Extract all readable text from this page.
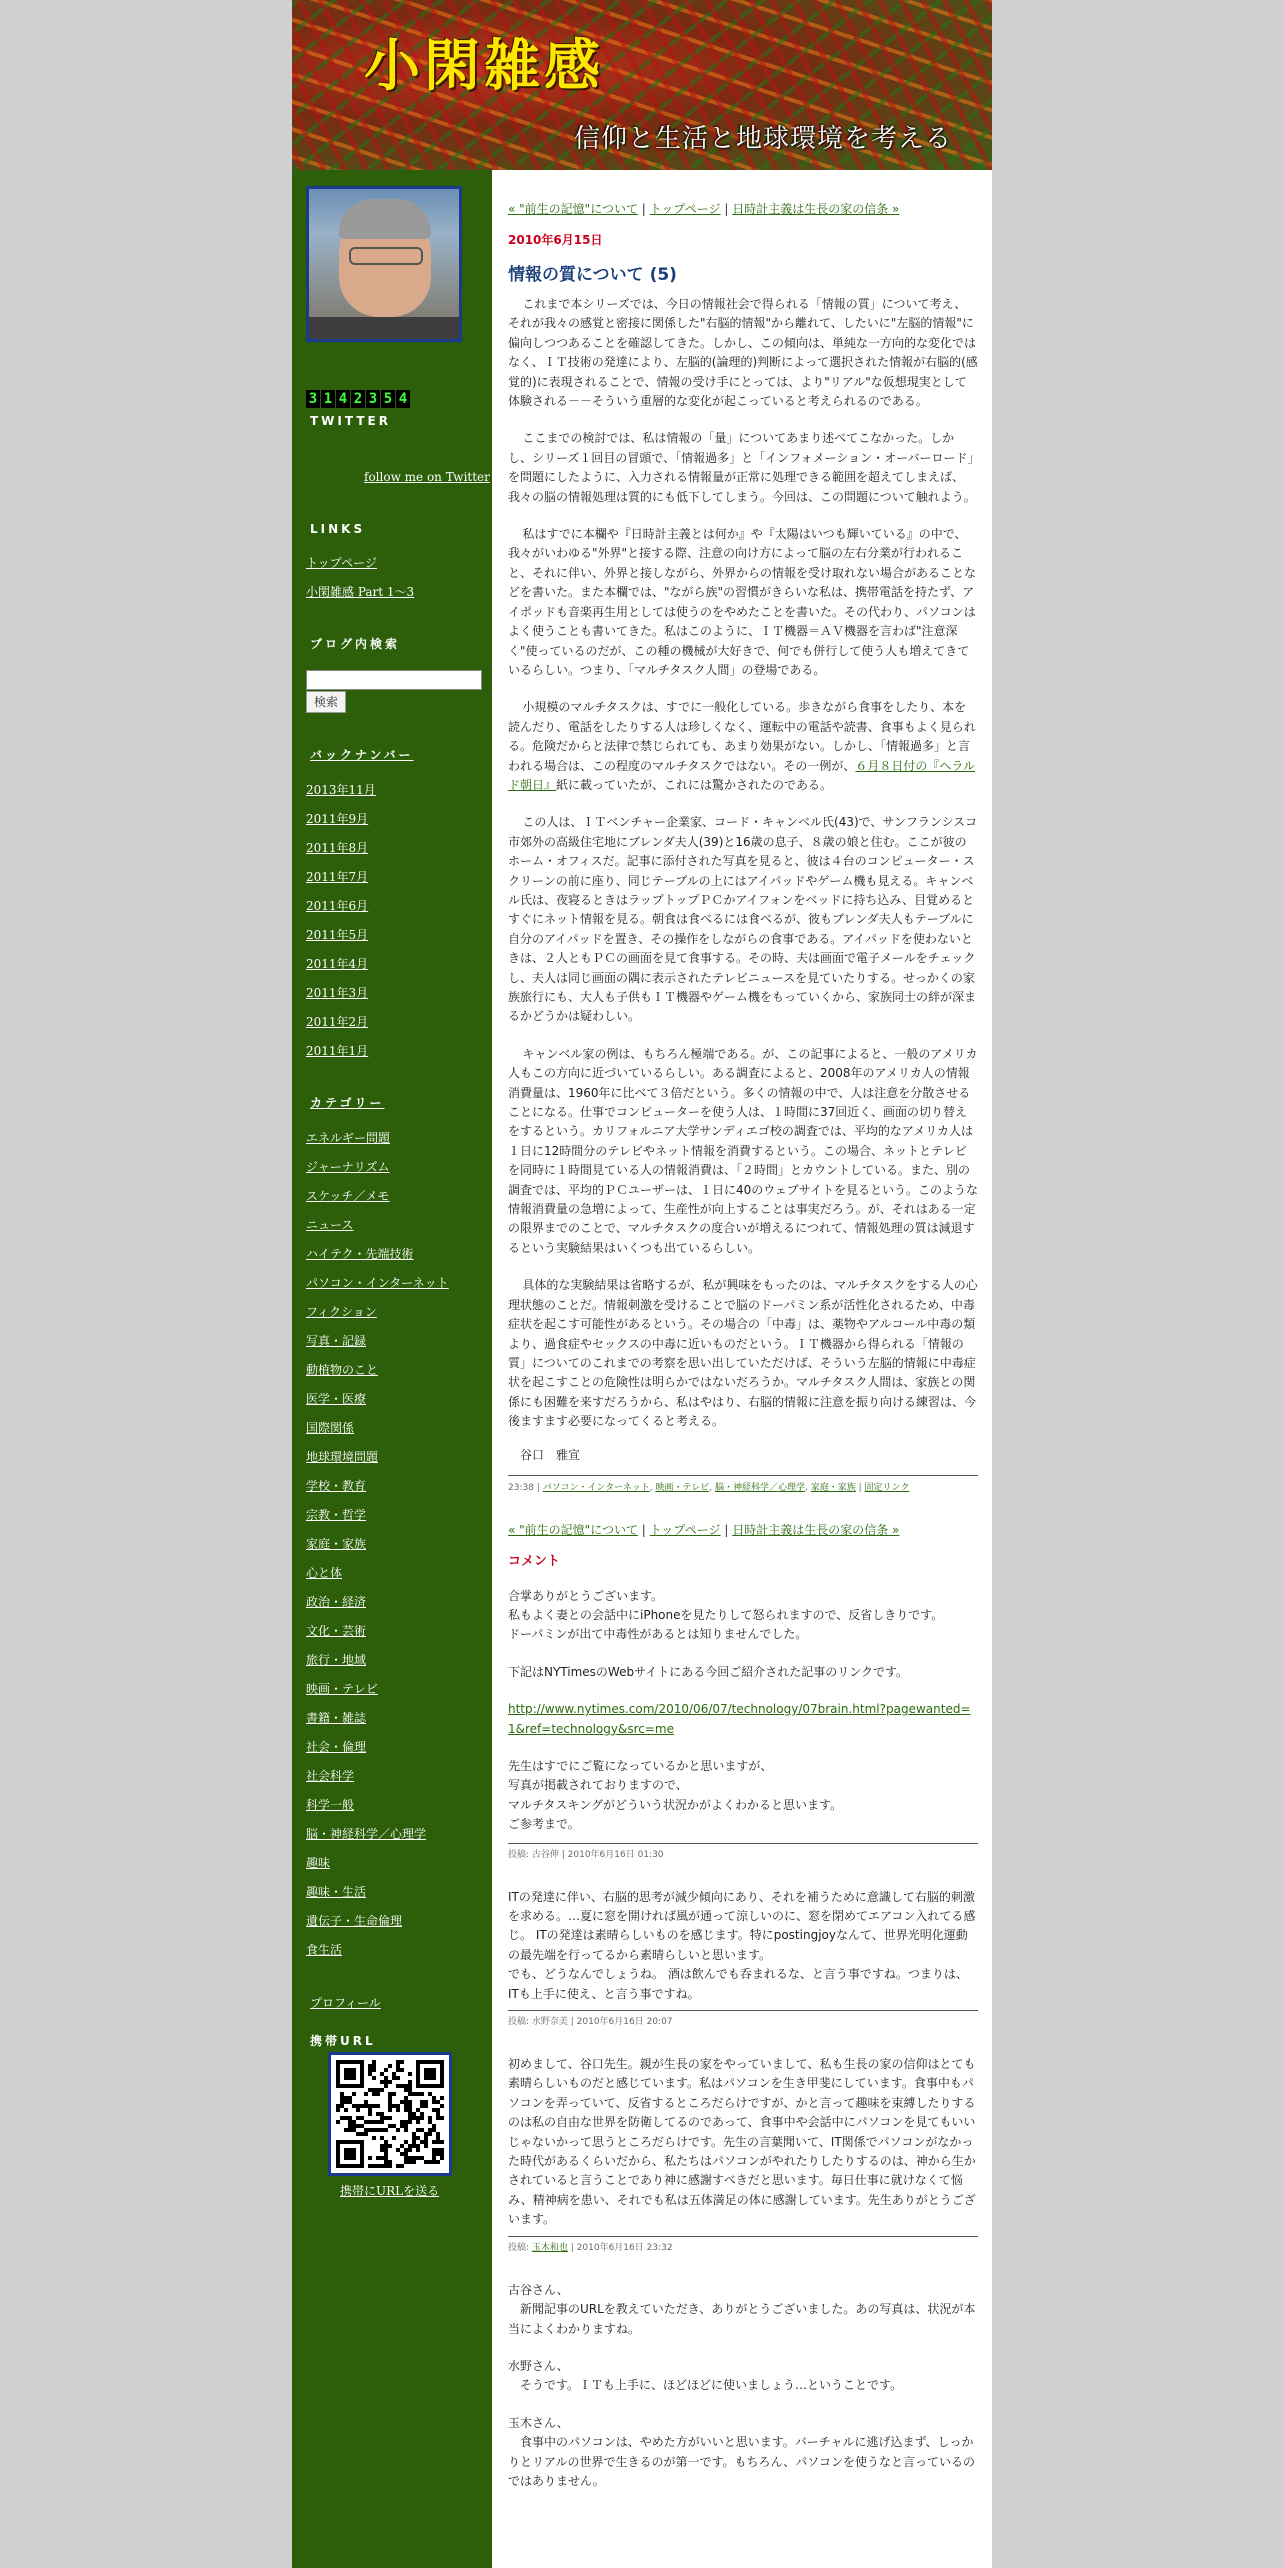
小閑雑感
信仰と生活と地球環境を考える
3 1 4 2 3 5 4
TWITTER
follow me on Twitter
LINKS
トップページ
小閑雑感 Part 1～3
ブログ内検索
検索
バックナンバー
2013年11月
2011年9月
2011年8月
2011年7月
2011年6月
2011年5月
2011年4月
2011年3月
2011年2月
2011年1月
カテゴリー
エネルギー問題
ジャーナリズム
スケッチ／メモ
ニュース
ハイテク・先端技術
パソコン・インターネット
フィクション
写真・記録
動植物のこと
医学・医療
国際関係
地球環境問題
学校・教育
宗教・哲学
家庭・家族
心と体
政治・経済
文化・芸術
旅行・地域
映画・テレビ
書籍・雑誌
社会・倫理
社会科学
科学一般
脳・神経科学／心理学
趣味
趣味・生活
遺伝子・生命倫理
食生活
プロフィール
携帯URL
携帯にURLを送る
« "前生の記憶"について | トップページ | 日時計主義は生長の家の信条 »
2010年6月15日
情報の質について (5)

これまで本シリーズでは、今日の情報社会で得られる「情報の質」について考え、それが我々の感覚と密接に関係した"右脳的情報"から離れて、したいに"左脳的情報"に偏向しつつあることを確認してきた。しかし、この傾向は、単純な一方向的な変化ではなく、ＩＴ技術の発達により、左脳的(論理的)判断によって選択された情報が右脳的(感覚的)に表現されることで、情報の受け手にとっては、より"リアル"な仮想現実として体験される－－そういう重層的な変化が起こっていると考えられるのである。

ここまでの検討では、私は情報の「量」についてあまり述べてこなかった。しかし、シリーズ１回目の冒頭で、「情報過多」と「インフォメーション・オーバーロード」を問題にしたように、入力される情報量が正常に処理できる範囲を超えてしまえば、我々の脳の情報処理は質的にも低下してしまう。今回は、この問題について触れよう。

私はすでに本欄や『日時計主義とは何か』や『太陽はいつも輝いている』の中で、我々がいわゆる"外界"と接する際、注意の向け方によって脳の左右分業が行われること、それに伴い、外界と接しながら、外界からの情報を受け取れない場合があることなどを書いた。また本欄では、"ながら族"の習慣がきらいな私は、携帯電話を持たず、アイポッドも音楽再生用としては使うのをやめたことを書いた。その代わり、パソコンはよく使うことも書いてきた。私はこのように、ＩＴ機器＝ＡＶ機器を言わば"注意深く"使っているのだが、この種の機械が大好きで、何でも併行して使う人も増えてきているらしい。つまり、「マルチタスク人間」の登場である。

小規模のマルチタスクは、すでに一般化している。歩きながら食事をしたり、本を読んだり、電話をしたりする人は珍しくなく、運転中の電話や読書、食事もよく見られる。危険だからと法律で禁じられても、あまり効果がない。しかし、「情報過多」と言われる場合は、この程度のマルチタスクではない。その一例が、６月８日付の『ヘラルド朝日』紙に載っていたが、これには驚かされたのである。

この人は、ＩＴベンチャー企業家、コード・キャンベル氏(43)で、サンフランシスコ市郊外の高級住宅地にブレンダ夫人(39)と16歳の息子、８歳の娘と住む。ここが彼のホーム・オフィスだ。記事に添付された写真を見ると、彼は４台のコンピューター・スクリーンの前に座り、同じテーブルの上にはアイパッドやゲーム機も見える。キャンベル氏は、夜寝るときはラップトップＰＣかアイフォンをベッドに持ち込み、目覚めるとすぐにネット情報を見る。朝食は食べるには食べるが、彼もブレンダ夫人もテーブルに自分のアイパッドを置き、その操作をしながらの食事である。アイパッドを使わないときは、２人ともＰＣの画面を見て食事する。その時、夫は画面で電子メールをチェックし、夫人は同じ画面の隅に表示されたテレビニュースを見ていたりする。せっかくの家族旅行にも、大人も子供もＩＴ機器やゲーム機をもっていくから、家族同士の絆が深まるかどうかは疑わしい。

キャンベル家の例は、もちろん極端である。が、この記事によると、一般のアメリカ人もこの方向に近づいているらしい。ある調査によると、2008年のアメリカ人の情報消費量は、1960年に比べて３倍だという。多くの情報の中で、人は注意を分散させることになる。仕事でコンピューターを使う人は、１時間に37回近く、画面の切り替えをするという。カリフォルニア大学サンディエゴ校の調査では、平均的なアメリカ人は１日に12時間分のテレビやネット情報を消費するという。この場合、ネットとテレビを同時に１時間見ている人の情報消費は、「２時間」とカウントしている。また、別の調査では、平均的ＰＣユーザーは、１日に40のウェブサイトを見るという。このような情報消費量の急増によって、生産性が向上することは事実だろう。が、それはある一定の限界までのことで、マルチタスクの度合いが増えるにつれて、情報処理の質は減退するという実験結果はいくつも出ているらしい。

具体的な実験結果は省略するが、私が興味をもったのは、マルチタスクをする人の心理状態のことだ。情報刺激を受けることで脳のドーパミン系が活性化されるため、中毒症状を起こす可能性があるという。その場合の「中毒」は、薬物やアルコール中毒の類より、過食症やセックスの中毒に近いものだという。ＩＴ機器から得られる「情報の質」についてのこれまでの考察を思い出していただけば、そういう左脳的情報に中毒症状を起こすことの危険性は明らかではないだろうか。マルチタスク人間は、家族との関係にも困難を来すだろうから、私はやはり、右脳的情報に注意を振り向ける練習は、今後ますます必要になってくると考える。

谷口　雅宣
23:38 | パソコン・インターネット, 映画・テレビ, 脳・神経科学／心理学, 家庭・家族 | 固定リンク
« "前生の記憶"について | トップページ | 日時計主義は生長の家の信条 »
コメント

合掌ありがとうございます。
私もよく妻との会話中にiPhoneを見たりして怒られますので、反省しきりです。
ドーパミンが出て中毒性があるとは知りませんでした。

下記はNYTimesのWebサイトにある今回ご紹介された記事のリンクです。

http://www.nytimes.com/2010/06/07/technology/07brain.html?pagewanted=1&ref=technology&src=me

先生はすでにご覧になっているかと思いますが、
写真が掲載されておりますので、
マルチタスキングがどういう状況かがよくわかると思います。
ご参考まで。

投稿: 古谷伸 | 2010年6月16日 01:30

ITの発達に伴い、右脳的思考が減少傾向にあり、それを補うために意識して右脳的刺激を求める。…夏に窓を開ければ風が通って涼しいのに、窓を閉めてエアコン入れてる感じ。 ITの発達は素晴らしいものを感じます。特にpostingjoyなんて、世界光明化運動の最先端を行ってるから素晴らしいと思います。
でも、どうなんでしょうね。 酒は飲んでも呑まれるな、と言う事ですね。つまりは、ITも上手に使え、と言う事ですね。

投稿: 水野奈美 | 2010年6月16日 20:07

初めまして、谷口先生。親が生長の家をやっていまして、私も生長の家の信仰はとても素晴らしいものだと感じています。私はパソコンを生き甲斐にしています。食事中もパソコンを弄っていて、反省するところだらけですが、かと言って趣味を束縛したりするのは私の自由な世界を防衛してるのであって、食事中や会話中にパソコンを見てもいいじゃないかって思うところだらけです。先生の言葉聞いて、IT関係でパソコンがなかった時代があるくらいだから、私たちはパソコンがやれたりしたりするのは、神から生かされていると言うことであり神に感謝すべきだと思います。毎日仕事に就けなくて悩み、精神病を患い、それでも私は五体満足の体に感謝しています。先生ありがとうございます。

投稿: 玉木和也 | 2010年6月16日 23:32

古谷さん、
　新聞記事のURLを教えていただき、ありがとうございました。あの写真は、状況が本当によくわかりますね。

水野さん、
　そうです。ＩＴも上手に、ほどほどに使いましょう…ということです。

玉木さん、
　食事中のパソコンは、やめた方がいいと思います。バーチャルに逃げ込まず、しっかりとリアルの世界で生きるのが第一です。もちろん、パソコンを使うなと言っているのではありません。
